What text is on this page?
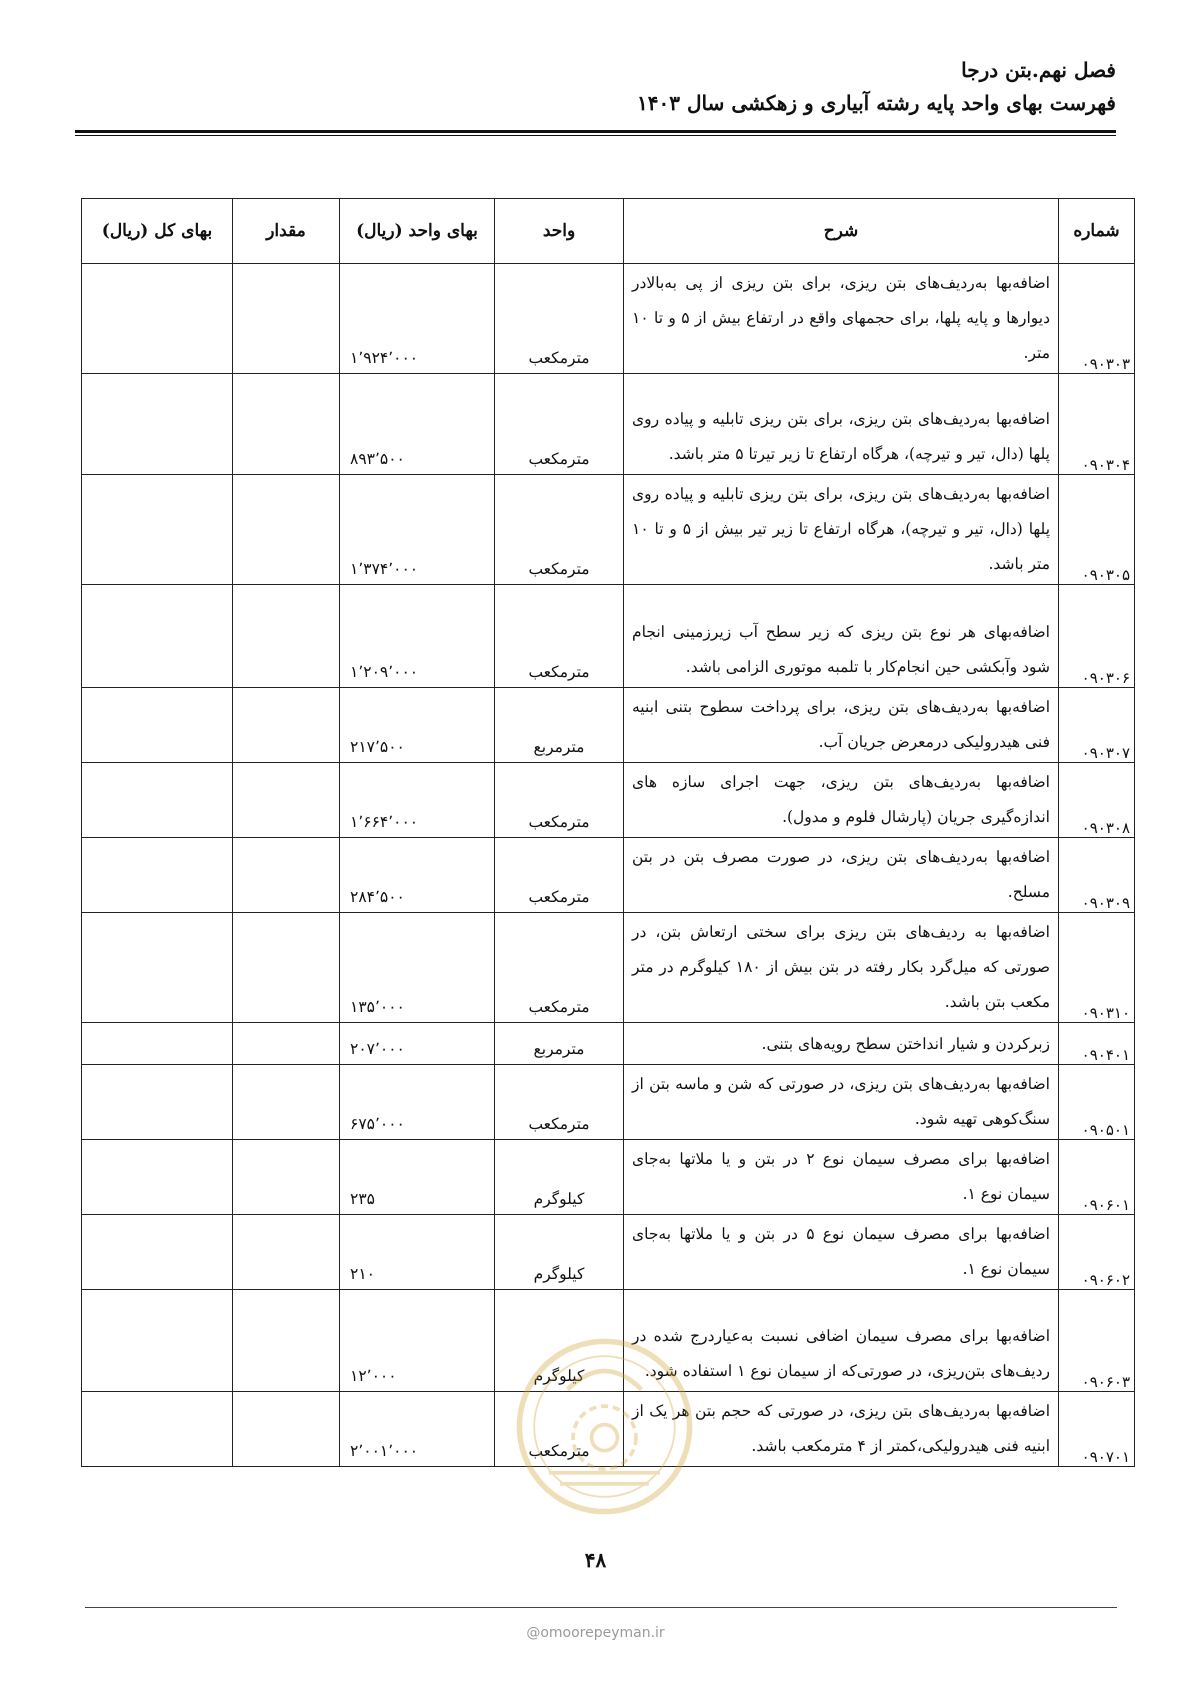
فصل نهم.بتن درجا
فهرست بهای واحد پایه رشته آبیاری و زهکشی سال ۱۴۰۳
شماره	شرح	واحد	بهای واحد (ریال)	مقدار	بهای کل (ریال)
۰۹۰۳۰۳	اضافه‌بها به‌ردیف‌های بتن ریزی، برای بتن ریزی از پی به‌بالادر دیوارها و پایه پلها، برای حجمهای واقع در ارتفاع بیش از ۵ و تا ۱۰ متر.	مترمکعب	۱٬۹۲۴٬۰۰۰		
۰۹۰۳۰۴	اضافه‌بها به‌ردیف‌های بتن ریزی، برای بتن ریزی تابلیه و پیاده روی پلها (دال، تیر و تیرچه)، هرگاه ارتفاع تا زیر تیرتا ۵ متر باشد.	مترمکعب	۸۹۳٬۵۰۰		
۰۹۰۳۰۵	اضافه‌بها به‌ردیف‌های بتن ریزی، برای بتن ریزی تابلیه و پیاده روی پلها (دال، تیر و تیرچه)، هرگاه ارتفاع تا زیر تیر بیش از ۵ و تا ۱۰ متر باشد.	مترمکعب	۱٬۳۷۴٬۰۰۰		
۰۹۰۳۰۶	اضافه‌بهای هر نوع بتن ریزی که زیر سطح آب زیرزمینی انجام شود وآبکشی حین انجام‌کار با تلمبه موتوری الزامی باشد.	مترمکعب	۱٬۲۰۹٬۰۰۰		
۰۹۰۳۰۷	اضافه‌بها به‌ردیف‌های بتن ریزی، برای پرداخت سطوح بتنی ابنیه فنی هیدرولیکی درمعرض جریان آب.	مترمربع	۲۱۷٬۵۰۰		
۰۹۰۳۰۸	اضافه‌بها به‌ردیف‌های بتن ریزی، جهت اجرای سازه های اندازه‌گیری جریان (پارشال فلوم و مدول).	مترمکعب	۱٬۶۶۴٬۰۰۰		
۰۹۰۳۰۹	اضافه‌بها به‌ردیف‌های بتن ریزی، در صورت مصرف بتن در بتن مسلح.	مترمکعب	۲۸۴٬۵۰۰		
۰۹۰۳۱۰	اضافه‌بها به ردیف‌های بتن ریزی برای سختی ارتعاش بتن، در صورتی که میل‌گرد بکار رفته در بتن بیش از ۱۸۰ کیلوگرم در متر مکعب بتن باشد.	مترمکعب	۱۳۵٬۰۰۰		
۰۹۰۴۰۱	زبرکردن و شیار انداختن سطح رویه‌های بتنی.	مترمربع	۲۰۷٬۰۰۰		
۰۹۰۵۰۱	اضافه‌بها به‌ردیف‌های بتن ریزی، در صورتی که شن و ماسه بتن از سنگ‌کوهی تهیه شود.	مترمکعب	۶۷۵٬۰۰۰		
۰۹۰۶۰۱	اضافه‌بها برای مصرف سیمان نوع ۲ در بتن و یا ملاتها به‌جای سیمان نوع ۱.	کیلوگرم	۲۳۵		
۰۹۰۶۰۲	اضافه‌بها برای مصرف سیمان نوع ۵ در بتن و یا ملاتها به‌جای سیمان نوع ۱.	کیلوگرم	۲۱۰		
۰۹۰۶۰۳	اضافه‌بها برای مصرف سیمان اضافی نسبت به‌عیاردرج شده در ردیف‌های بتن‌ریزی، در صورتی‌که از سیمان نوع ۱ استفاده شود.	کیلوگرم	۱۲٬۰۰۰		
۰۹۰۷۰۱	اضافه‌بها به‌ردیف‌های بتن ریزی، در صورتی که حجم بتن هر یک از ابنیه فنی هیدرولیکی،کمتر از ۴ مترمکعب باشد.	مترمکعب	۲٬۰۰۱٬۰۰۰		
۴۸
@omoorepeyman.ir
